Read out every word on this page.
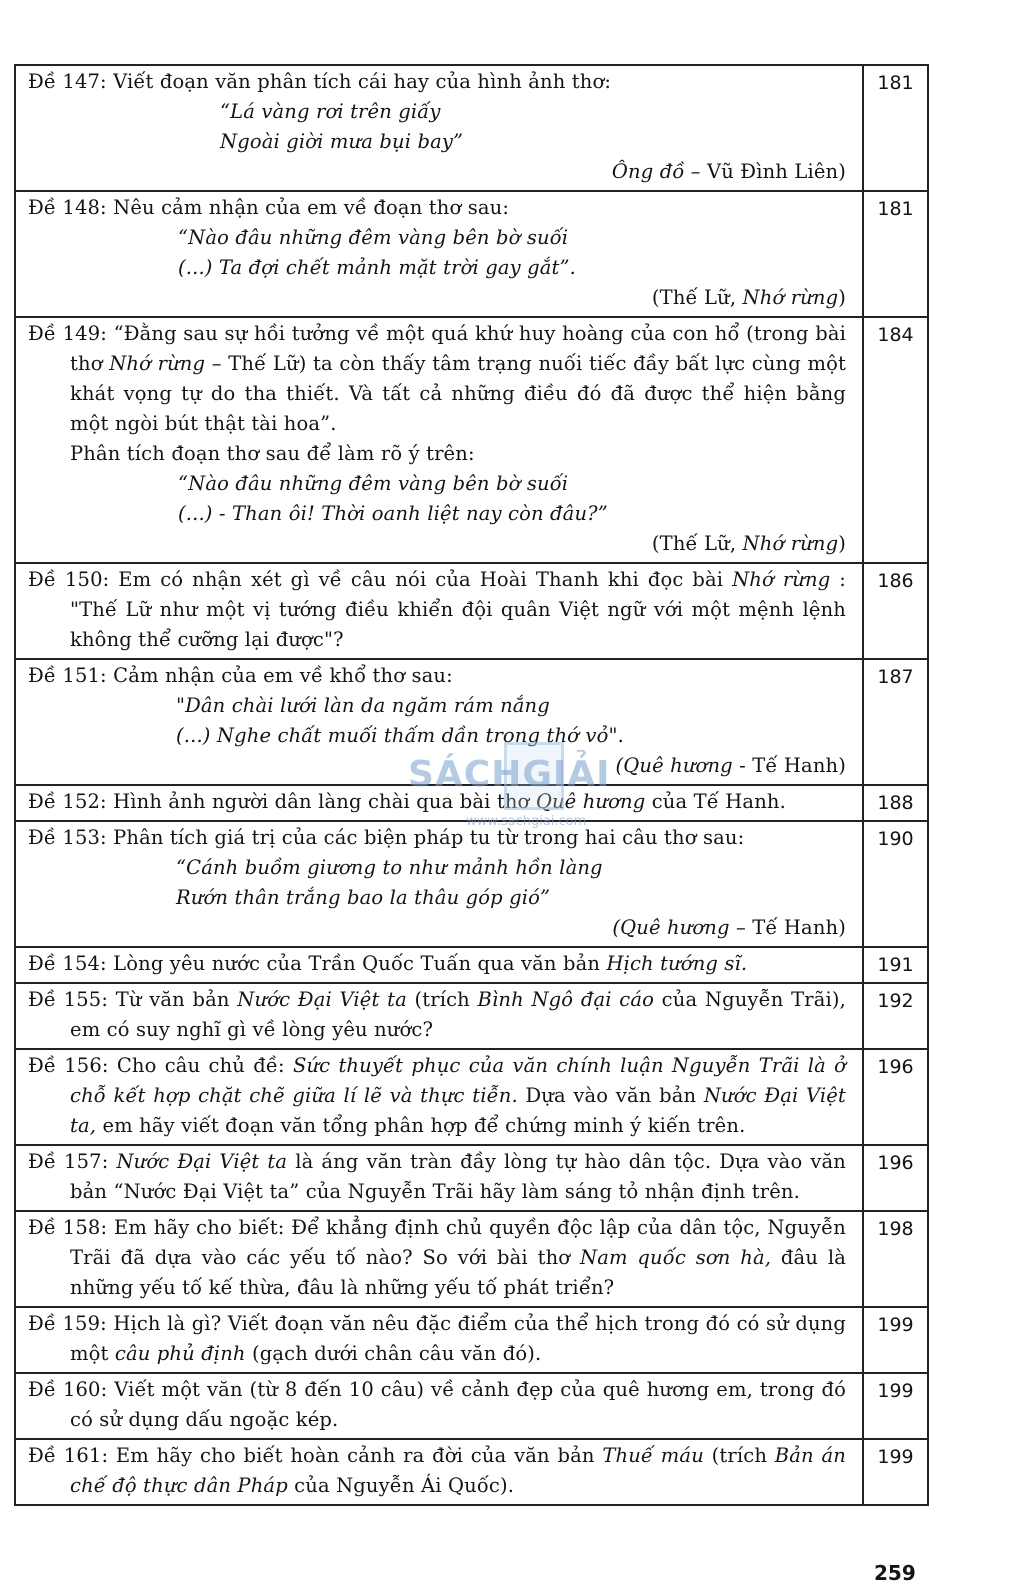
Đề 147: Viết đoạn văn phân tích cái hay của hình ảnh thơ:
“Lá vàng rơi trên giấy
Ngoài giời mưa bụi bay”
Ông đồ – Vũ Đình Liên)	181

Đề 148: Nêu cảm nhận của em về đoạn thơ sau:
“Nào đâu những đêm vàng bên bờ suối
(...) Ta đợi chết mảnh mặt trời gay gắt”.
(Thế Lữ, Nhớ rừng)	181

Đề 149: “Đằng sau sự hồi tưởng về một quá khứ huy hoàng của con hổ (trong bài thơ Nhớ rừng – Thế Lữ) ta còn thấy tâm trạng nuối tiếc đầy bất lực cùng một khát vọng tự do tha thiết. Và tất cả những điều đó đã được thể hiện bằng một ngòi bút thật tài hoa”.
Phân tích đoạn thơ sau để làm rõ ý trên:
“Nào đâu những đêm vàng bên bờ suối
(...) - Than ôi! Thời oanh liệt nay còn đâu?”
(Thế Lữ, Nhớ rừng)	184

Đề 150: Em có nhận xét gì về câu nói của Hoài Thanh khi đọc bài Nhớ rừng : "Thế Lữ như một vị tướng điều khiển đội quân Việt ngữ với một mệnh lệnh không thể cưỡng lại được"?	186

Đề 151: Cảm nhận của em về khổ thơ sau:
"Dân chài lưới làn da ngăm rám nắng
(...) Nghe chất muối thấm dần trong thớ vỏ".
(Quê hương - Tế Hanh)	187

Đề 152: Hình ảnh người dân làng chài qua bài thơ Quê hương của Tế Hanh.	188

Đề 153: Phân tích giá trị của các biện pháp tu từ trong hai câu thơ sau:
“Cánh buồm giương to như mảnh hồn làng
Rướn thân trắng bao la thâu góp gió”
(Quê hương – Tế Hanh)	190

Đề 154: Lòng yêu nước của Trần Quốc Tuấn qua văn bản Hịch tướng sĩ.	191

Đề 155: Từ văn bản Nước Đại Việt ta (trích Bình Ngô đại cáo của Nguyễn Trãi), em có suy nghĩ gì về lòng yêu nước?	192

Đề 156: Cho câu chủ đề: Sức thuyết phục của văn chính luận Nguyễn Trãi là ở chỗ kết hợp chặt chẽ giữa lí lẽ và thực tiễn. Dựa vào văn bản Nước Đại Việt ta, em hãy viết đoạn văn tổng phân hợp để chứng minh ý kiến trên.	196

Đề 157: Nước Đại Việt ta là áng văn tràn đầy lòng tự hào dân tộc. Dựa vào văn bản “Nước Đại Việt ta” của Nguyễn Trãi hãy làm sáng tỏ nhận định trên.	196

Đề 158: Em hãy cho biết: Để khẳng định chủ quyền độc lập của dân tộc, Nguyễn Trãi đã dựa vào các yếu tố nào? So với bài thơ Nam quốc sơn hà, đâu là những yếu tố kế thừa, đâu là những yếu tố phát triển?	198

Đề 159: Hịch là gì? Viết đoạn văn nêu đặc điểm của thể hịch trong đó có sử dụng một câu phủ định (gạch dưới chân câu văn đó).	199

Đề 160: Viết một văn (từ 8 đến 10 câu) về cảnh đẹp của quê hương em, trong đó có sử dụng dấu ngoặc kép.	199

Đề 161: Em hãy cho biết hoàn cảnh ra đời của văn bản Thuế máu (trích Bản án chế độ thực dân Pháp của Nguyễn Ái Quốc).	199
SÁCHGIẢI
www.sachgiai.com
259
